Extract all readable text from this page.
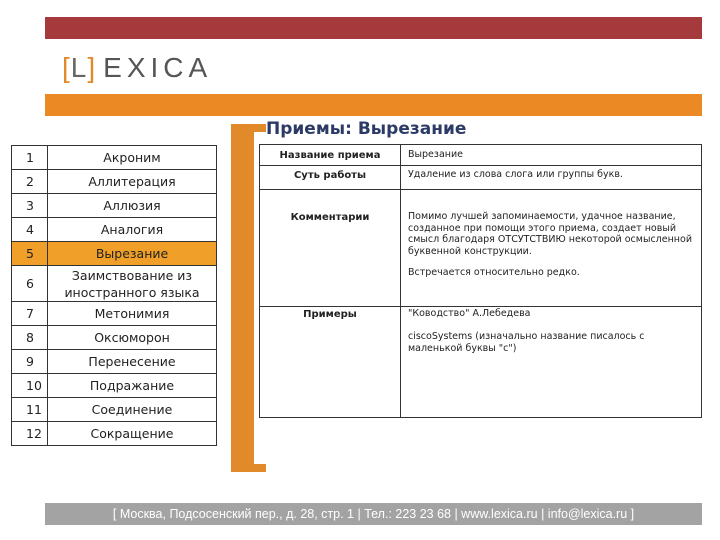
[L] EXICA
Приемы: Вырезание
1	Акроним
2	Аллитерация
3	Аллюзия
4	Аналогия
5	Вырезание
6	Заимствование из иностранного языка
7	Метонимия
8	Оксюморон
9	Перенесение
10	Подражание
11	Соединение
12	Сокращение
Название приема	Вырезание
Суть работы	Удаление из слова слога или группы букв.
Комментарии	Помимо лучшей запоминаемости, удачное название, созданное при помощи этого приема, создает новый смысл благодаря ОТСУТСТВИЮ некоторой осмысленной буквенной конструкции.
Встречается относительно редко.
Примеры	"Ководство" А.Лебедева
ciscoSystems (изначально название писалось с маленькой буквы "с")
[ Москва, Подсосенский пер., д. 28, стр. 1 | Тел.: 223 23 68 | www.lexica.ru | info@lexica.ru ]
